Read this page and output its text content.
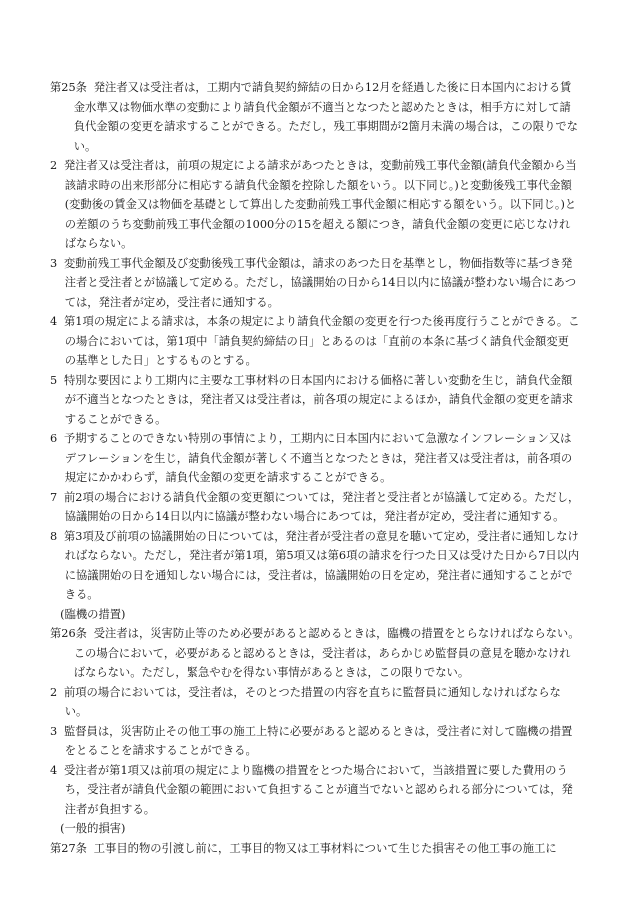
第25条 発注者又は受注者は，工期内で請負契約締結の日から12月を経過した後に日本国内における賃金水準又は物価水準の変動により請負代金額が不適当となつたと認めたときは，相手方に対して請負代金額の変更を請求することができる。ただし，残工事期間が2箇月未満の場合は，この限りでない。
2 発注者又は受注者は，前項の規定による請求があつたときは，変動前残工事代金額(請負代金額から当該請求時の出来形部分に相応する請負代金額を控除した額をいう。以下同じ。)と変動後残工事代金額(変動後の賃金又は物価を基礎として算出した変動前残工事代金額に相応する額をいう。以下同じ。)との差額のうち変動前残工事代金額の1000分の15を超える額につき，請負代金額の変更に応じなければならない。
3 変動前残工事代金額及び変動後残工事代金額は，請求のあつた日を基準とし，物価指数等に基づき発注者と受注者とが協議して定める。ただし，協議開始の日から14日以内に協議が整わない場合にあつては，発注者が定め，受注者に通知する。
4 第1項の規定による請求は，本条の規定により請負代金額の変更を行つた後再度行うことができる。この場合においては，第1項中「請負契約締結の日」とあるのは「直前の本条に基づく請負代金額変更の基準とした日」とするものとする。
5 特別な要因により工期内に主要な工事材料の日本国内における価格に著しい変動を生じ，請負代金額が不適当となつたときは，発注者又は受注者は，前各項の規定によるほか，請負代金額の変更を請求することができる。
6 予期することのできない特別の事情により，工期内に日本国内において急激なインフレーション又はデフレーションを生じ，請負代金額が著しく不適当となつたときは，発注者又は受注者は，前各項の規定にかかわらず，請負代金額の変更を請求することができる。
7 前2項の場合における請負代金額の変更額については，発注者と受注者とが協議して定める。ただし，協議開始の日から14日以内に協議が整わない場合にあつては，発注者が定め，受注者に通知する。
8 第3項及び前項の協議開始の日については，発注者が受注者の意見を聴いて定め，受注者に通知しなければならない。ただし，発注者が第1項，第5項又は第6項の請求を行つた日又は受けた日から7日以内に協議開始の日を通知しない場合には，受注者は，協議開始の日を定め，発注者に通知することができる。
(臨機の措置)
第26条 受注者は，災害防止等のため必要があると認めるときは，臨機の措置をとらなければならない。この場合において，必要があると認めるときは，受注者は，あらかじめ監督員の意見を聴かなければならない。ただし，緊急やむを得ない事情があるときは，この限りでない。
2 前項の場合においては，受注者は，そのとつた措置の内容を直ちに監督員に通知しなければならない。
3 監督員は，災害防止その他工事の施工上特に必要があると認めるときは，受注者に対して臨機の措置をとることを請求することができる。
4 受注者が第1項又は前項の規定により臨機の措置をとつた場合において，当該措置に要した費用のうち，受注者が請負代金額の範囲において負担することが適当でないと認められる部分については，発注者が負担する。
(一般的損害)
第27条 工事目的物の引渡し前に，工事目的物又は工事材料について生じた損害その他工事の施工に
